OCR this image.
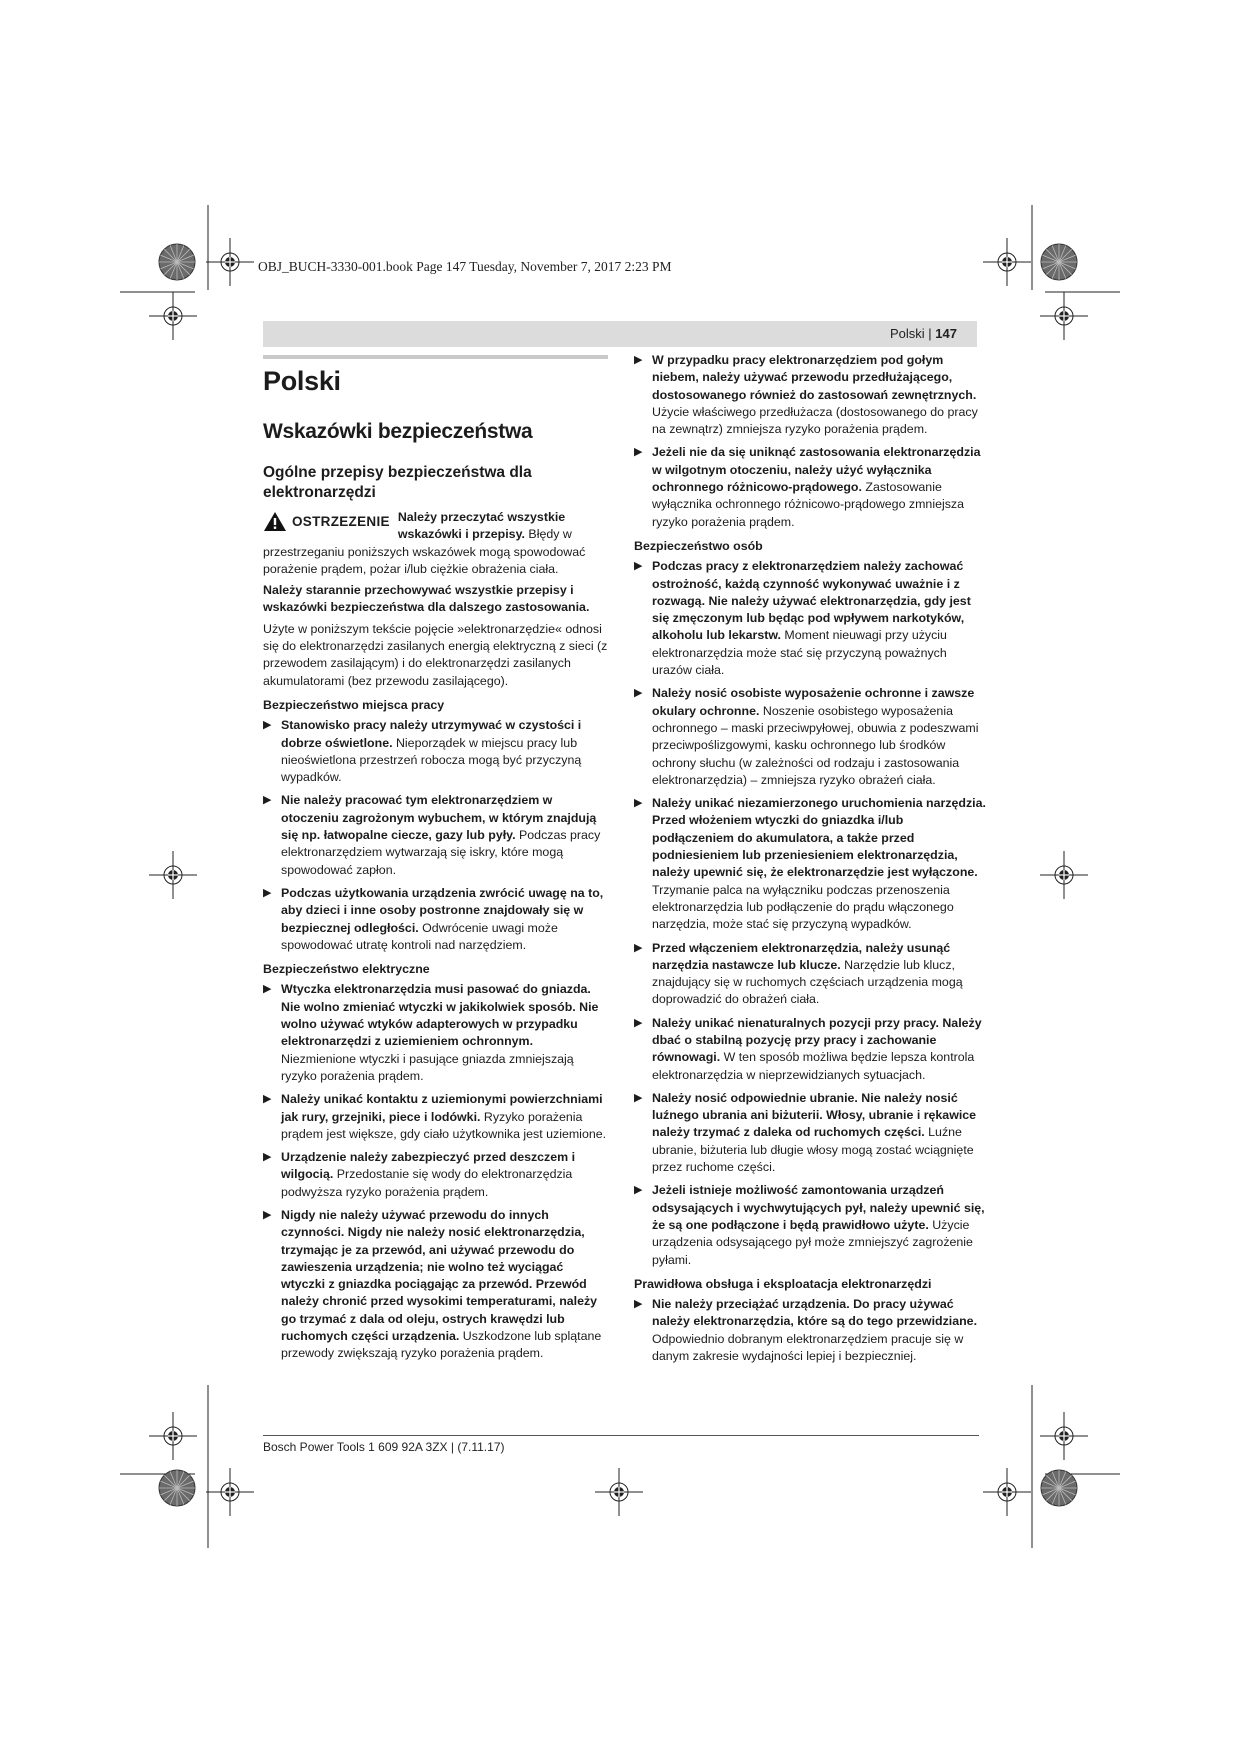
OBJ_BUCH-3330-001.book Page 147 Tuesday, November 7, 2017 2:23 PM
Polski | 147
Polski
Wskazówki bezpieczeństwa
Ogólne przepisy bezpieczeństwa dla elektronarzędzi
OSTRZEZENIE Należy przeczytać wszystkie wskazówki i przepisy. Błędy w przestrzeganiu poniższych wskazówek mogą spowodować porażenie prądem, pożar i/lub ciężkie obrażenia ciała.

Należy starannie przechowywać wszystkie przepisy i wskazówki bezpieczeństwa dla dalszego zastosowania.

Użyte w poniższym tekście pojęcie »elektronarzędzie« odnosi się do elektronarzędzi zasilanych energią elektryczną z sieci (z przewodem zasilającym) i do elektronarzędzi zasilanych akumulatorami (bez przewodu zasilającego).

Bezpieczeństwo miejsca pracy
▶ Stanowisko pracy należy utrzymywać w czystości i dobrze oświetlone. Nieporządek w miejscu pracy lub nieoświetlona przestrzeń robocza mogą być przyczyną wypadków.
▶ Nie należy pracować tym elektronarzędziem w otoczeniu zagrożonym wybuchem, w którym znajdują się np. łatwopalne ciecze, gazy lub pyły. Podczas pracy elektronarzędziem wytwarzają się iskry, które mogą spowodować zapłon.
▶ Podczas użytkowania urządzenia zwrócić uwagę na to, aby dzieci i inne osoby postronne znajdowały się w bezpiecznej odległości. Odwrócenie uwagi może spowodować utratę kontroli nad narzędziem.
Bezpieczeństwo elektryczne
▶ Wtyczka elektronarzędzia musi pasować do gniazda. Nie wolno zmieniać wtyczki w jakikolwiek sposób. Nie wolno używać wtyków adapterowych w przypadku elektronarzędzi z uziemieniem ochronnym. Niezmienione wtyczki i pasujące gniazda zmniejszają ryzyko porażenia prądem.
▶ Należy unikać kontaktu z uziemionymi powierzchniami jak rury, grzejniki, piece i lodówki. Ryzyko porażenia prądem jest większe, gdy ciało użytkownika jest uziemione.
▶ Urządzenie należy zabezpieczyć przed deszczem i wilgocią. Przedostanie się wody do elektronarzędzia podwyższa ryzyko porażenia prądem.
▶ Nigdy nie należy używać przewodu do innych czynności. Nigdy nie należy nosić elektronarzędzia, trzymając je za przewód, ani używać przewodu do zawieszenia urządzenia; nie wolno też wyciągać wtyczki z gniazdka pociągając za przewód. Przewód należy chronić przed wysokimi temperaturami, należy go trzymać z dala od oleju, ostrych krawędzi lub ruchomych części urządzenia. Uszkodzone lub splątane przewody zwiększają ryzyko porażenia prądem.
▶ W przypadku pracy elektronarzędziem pod gołym niebem, należy używać przewodu przedłużającego, dostosowanego również do zastosowań zewnętrznych. Użycie właściwego przedłużacza (dostosowanego do pracy na zewnątrz) zmniejsza ryzyko porażenia prądem.
▶ Jeżeli nie da się uniknąć zastosowania elektronarzędzia w wilgotnym otoczeniu, należy użyć wyłącznika ochronnego różnicowo-prądowego. Zastosowanie wyłącznika ochronnego różnicowo-prądowego zmniejsza ryzyko porażenia prądem.
Bezpieczeństwo osób
▶ Podczas pracy z elektronarzędziem należy zachować ostrożność, każdą czynność wykonywać uważnie i z rozwagą. Nie należy używać elektronarzędzia, gdy jest się zmęczonym lub będąc pod wpływem narkotyków, alkoholu lub lekarstw. Moment nieuwagi przy użyciu elektronarzędzia może stać się przyczyną poważnych urazów ciała.
▶ Należy nosić osobiste wyposażenie ochronne i zawsze okulary ochronne. Noszenie osobistego wyposażenia ochronnego – maski przeciwpyłowej, obuwia z podeszwami przeciwpoślizgowymi, kasku ochronnego lub środków ochrony słuchu (w zależności od rodzaju i zastosowania elektronarzędzia) – zmniejsza ryzyko obrażeń ciała.
▶ Należy unikać niezamierzonego uruchomienia narzędzia. Przed włożeniem wtyczki do gniazdka i/lub podłączeniem do akumulatora, a także przed podniesieniem lub przeniesieniem elektronarzędzia, należy upewnić się, że elektronarzędzie jest wyłączone. Trzymanie palca na wyłączniku podczas przenoszenia elektronarzędzia lub podłączenie do prądu włączonego narzędzia, może stać się przyczyną wypadków.
▶ Przed włączeniem elektronarzędzia, należy usunąć narzędzia nastawcze lub klucze. Narzędzie lub klucz, znajdujący się w ruchomych częściach urządzenia mogą doprowadzić do obrażeń ciała.
▶ Należy unikać nienaturalnych pozycji przy pracy. Należy dbać o stabilną pozycję przy pracy i zachowanie równowagi. W ten sposób możliwa będzie lepsza kontrola elektronarzędzia w nieprzewidzianych sytuacjach.
▶ Należy nosić odpowiednie ubranie. Nie należy nosić luźnego ubrania ani biżuterii. Włosy, ubranie i rękawice należy trzymać z daleka od ruchomych części. Luźne ubranie, biżuteria lub długie włosy mogą zostać wciągnięte przez ruchome części.
▶ Jeżeli istnieje możliwość zamontowania urządzeń odsysających i wychwytujących pył, należy upewnić się, że są one podłączone i będą prawidłowo użyte. Użycie urządzenia odsysającego pył może zmniejszyć zagrożenie pyłami.
Prawidłowa obsługa i eksploatacja elektronarzędzi
▶ Nie należy przeciążać urządzenia. Do pracy używać należy elektronarzędzia, które są do tego przewidziane. Odpowiednio dobranym elektronarzędziem pracuje się w danym zakresie wydajności lepiej i bezpieczniej.
Bosch Power Tools 1 609 92A 3ZX | (7.11.17)
